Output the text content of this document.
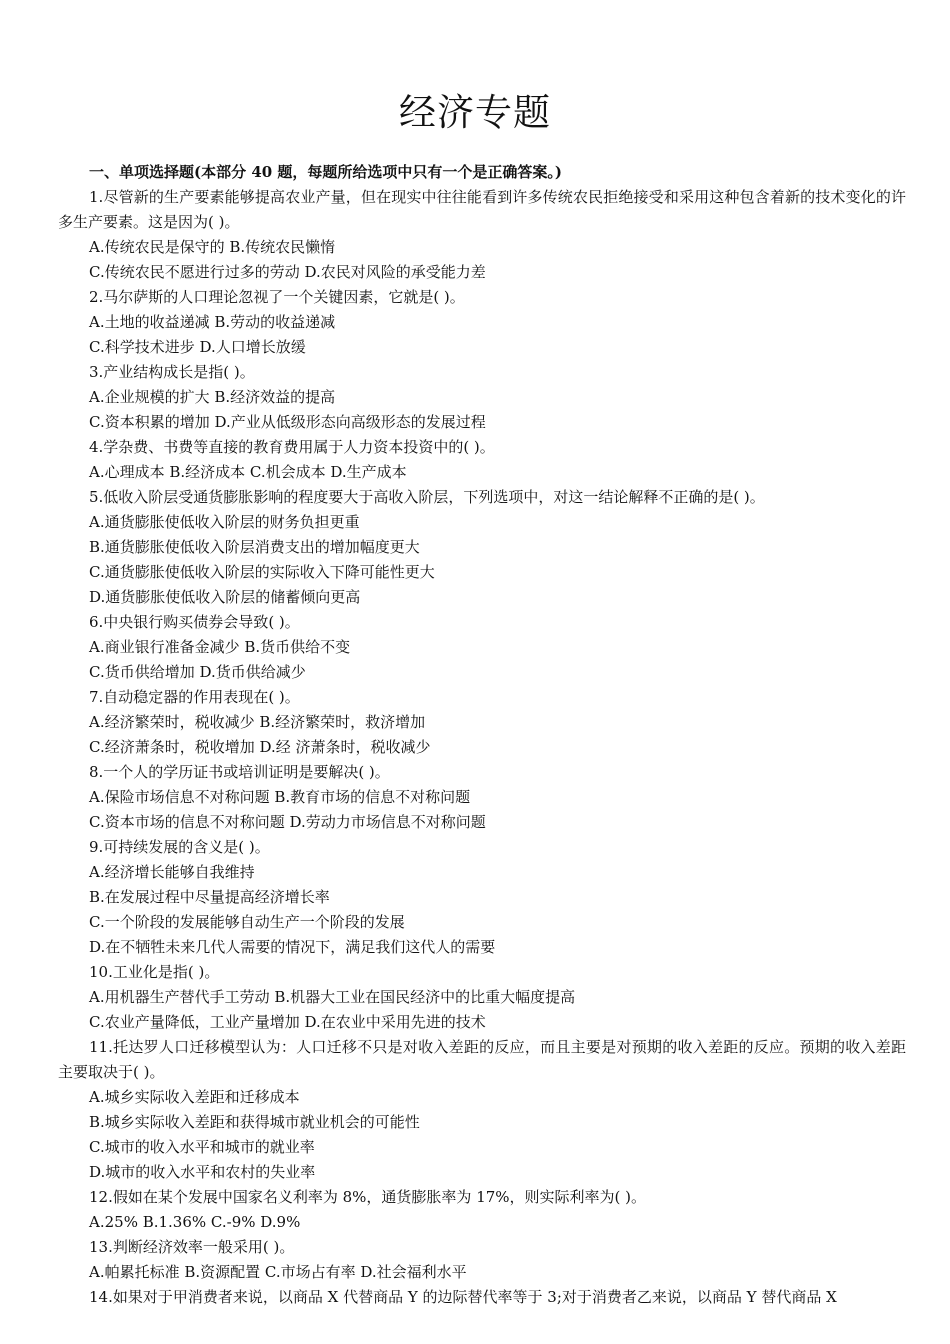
经济专题

一、单项选择题(本部分 40 题，每题所给选项中只有一个是正确答案。)

1.尽管新的生产要素能够提高农业产量，但在现实中往往能看到许多传统农民拒绝接受和采用这种包含着新的技术变化的许多生产要素。这是因为( )。

A.传统农民是保守的 B.传统农民懒惰

C.传统农民不愿进行过多的劳动 D.农民对风险的承受能力差

2.马尔萨斯的人口理论忽视了一个关键因素，它就是( )。

A.土地的收益递减 B.劳动的收益递减

C.科学技术进步 D.人口增长放缓

3.产业结构成长是指( )。

A.企业规模的扩大 B.经济效益的提高

C.资本积累的增加 D.产业从低级形态向高级形态的发展过程

4.学杂费、书费等直接的教育费用属于人力资本投资中的( )。

A.心理成本 B.经济成本 C.机会成本 D.生产成本

5.低收入阶层受通货膨胀影响的程度要大于高收入阶层，下列选项中，对这一结论解释不正确的是( )。

A.通货膨胀使低收入阶层的财务负担更重

B.通货膨胀使低收入阶层消费支出的增加幅度更大

C.通货膨胀使低收入阶层的实际收入下降可能性更大

D.通货膨胀使低收入阶层的储蓄倾向更高

6.中央银行购买债券会导致( )。

A.商业银行准备金减少 B.货币供给不变

C.货币供给增加 D.货币供给减少

7.自动稳定器的作用表现在( )。

A.经济繁荣时，税收减少 B.经济繁荣时，救济增加

C.经济萧条时，税收增加 D.经 济萧条时，税收减少

8.一个人的学历证书或培训证明是要解决( )。

A.保险市场信息不对称问题 B.教育市场的信息不对称问题

C.资本市场的信息不对称问题 D.劳动力市场信息不对称问题

9.可持续发展的含义是( )。

A.经济增长能够自我维持

B.在发展过程中尽量提高经济增长率

C.一个阶段的发展能够自动生产一个阶段的发展

D.在不牺牲未来几代人需要的情况下，满足我们这代人的需要

10.工业化是指( )。

A.用机器生产替代手工劳动 B.机器大工业在国民经济中的比重大幅度提高

C.农业产量降低，工业产量增加 D.在农业中采用先进的技术

11.托达罗人口迁移模型认为：人口迁移不只是对收入差距的反应，而且主要是对预期的收入差距的反应。预期的收入差距主要取决于( )。

A.城乡实际收入差距和迁移成本

B.城乡实际收入差距和获得城市就业机会的可能性

C.城市的收入水平和城市的就业率

D.城市的收入水平和农村的失业率

12.假如在某个发展中国家名义利率为 8%，通货膨胀率为 17%，则实际利率为( )。

A.25% B.1.36% C.-9% D.9%

13.判断经济效率一般采用( )。

A.帕累托标准 B.资源配置 C.市场占有率 D.社会福利水平

14.如果对于甲消费者来说，以商品 X 代替商品 Y 的边际替代率等于 3;对于消费者乙来说，以商品 Y 替代商品 X
